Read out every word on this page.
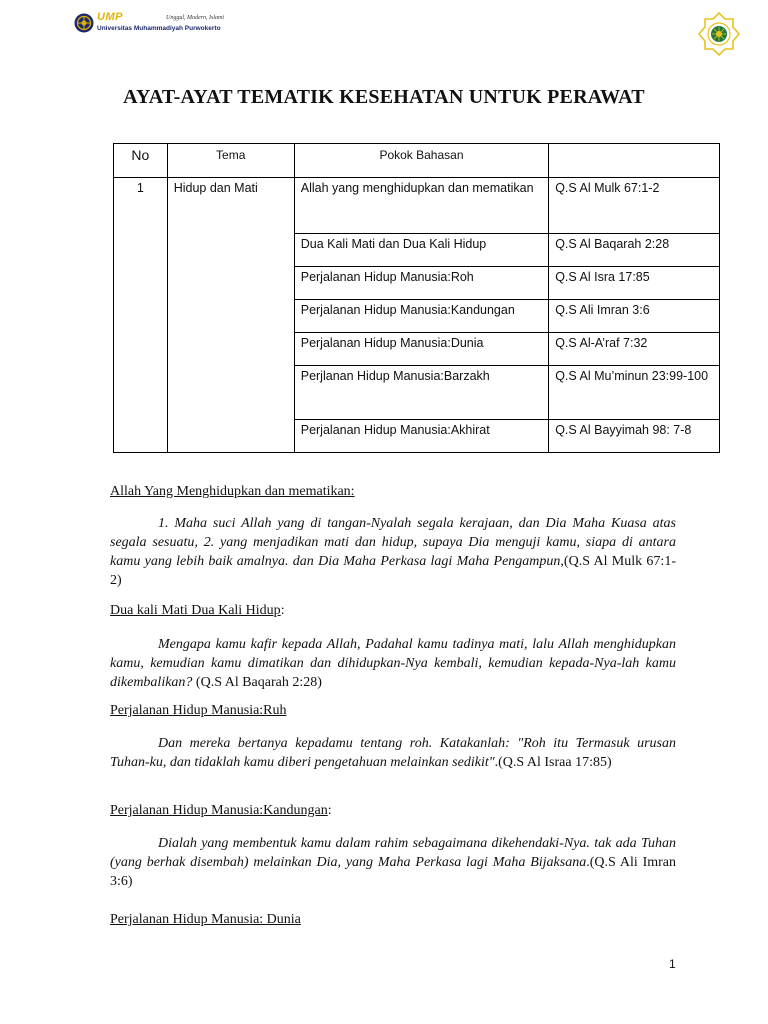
UMP	Unggul, Modern, Islami
Universitas Muhammadiyah Purwokerto
AYAT-AYAT TEMATIK KESEHATAN UNTUK PERAWAT
No	Tema	Pokok Bahasan	
1	Hidup dan Mati	Allah yang menghidupkan dan mematikan	Q.S Al Mulk 67:1-2
		Dua Kali Mati dan Dua Kali Hidup	Q.S Al Baqarah 2:28
		Perjalanan Hidup Manusia:Roh	Q.S Al Isra 17:85
		Perjalanan Hidup Manusia:Kandungan	Q.S Ali Imran 3:6
		Perjalanan Hidup Manusia:Dunia	Q.S Al-A’raf 7:32
		Perjlanan Hidup Manusia:Barzakh	Q.S Al Mu’minun 23:99-100
		Perjalanan Hidup Manusia:Akhirat	Q.S Al Bayyimah 98: 7-8
Allah Yang Menghidupkan dan mematikan:
1. Maha suci Allah yang di tangan-Nyalah segala kerajaan, dan Dia Maha Kuasa atas segala sesuatu, 2. yang menjadikan mati dan hidup, supaya Dia menguji kamu, siapa di antara kamu yang lebih baik amalnya. dan Dia Maha Perkasa lagi Maha Pengampun,(Q.S Al Mulk 67:1-2)
Dua kali Mati Dua Kali Hidup:
Mengapa kamu kafir kepada Allah, Padahal kamu tadinya mati, lalu Allah menghidupkan kamu, kemudian kamu dimatikan dan dihidupkan-Nya kembali, kemudian kepada-Nya-lah kamu dikembalikan? (Q.S Al Baqarah 2:28)
Perjalanan Hidup Manusia:Ruh
Dan mereka bertanya kepadamu tentang roh. Katakanlah: "Roh itu Termasuk urusan Tuhan-ku, dan tidaklah kamu diberi pengetahuan melainkan sedikit".(Q.S Al Israa 17:85)
Perjalanan Hidup Manusia:Kandungan:
Dialah yang membentuk kamu dalam rahim sebagaimana dikehendaki-Nya. tak ada Tuhan (yang berhak disembah) melainkan Dia, yang Maha Perkasa lagi Maha Bijaksana.(Q.S Ali Imran 3:6)
Perjalanan Hidup Manusia: Dunia
1
